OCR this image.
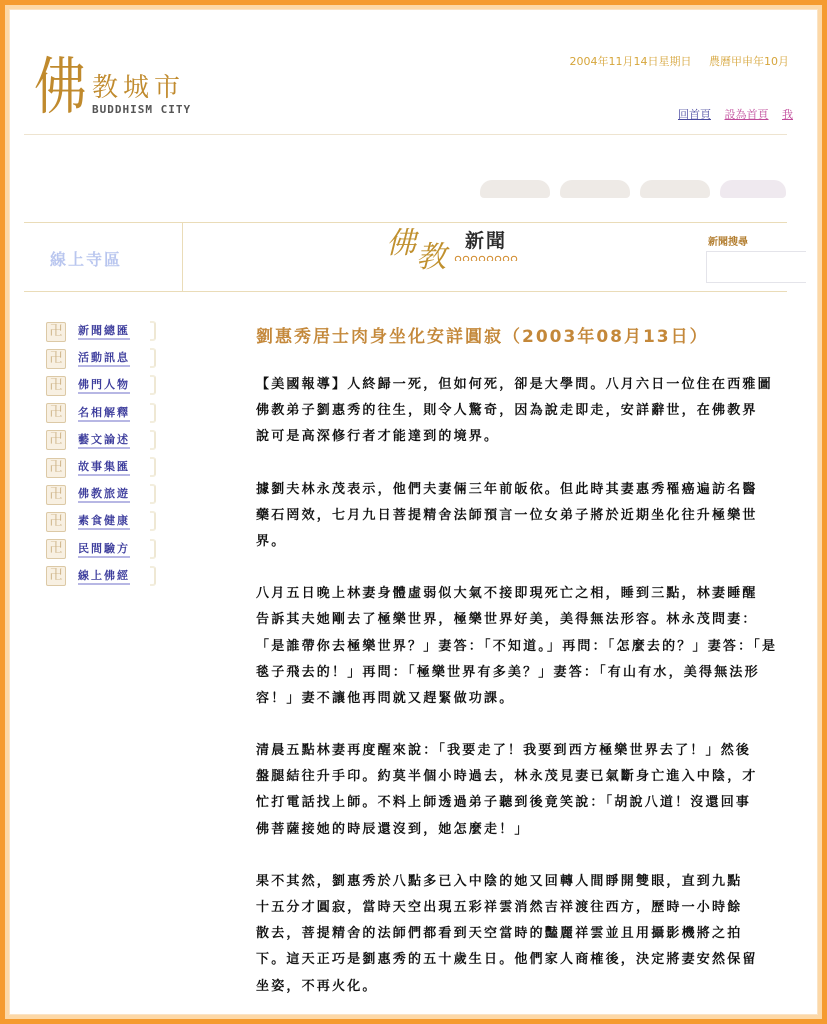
佛 教城市
BUDDHISM CITY
2004年11月14日星期日 農曆甲申年10月
回首頁 設為首頁 我
線上寺區	佛教 新聞	新聞搜尋
卍	新聞總匯
卍	活動訊息
卍	佛門人物
卍	名相解釋
卍	藝文論述
卍	故事集匯
卍	佛教旅遊
卍	素食健康
卍	民間驗方
卍	線上佛經
劉惠秀居士肉身坐化安詳圓寂（2003年08月13日）
【美國報導】人終歸一死，但如何死，卻是大學問。八月六日一位住在西雅圖
佛教弟子劉惠秀的往生，則令人驚奇，因為說走即走，安詳辭世，在佛教界
說可是高深修行者才能達到的境界。
據劉夫林永茂表示，他們夫妻倆三年前皈依。但此時其妻惠秀罹癌遍訪名醫
藥石罔效，七月九日菩提精舍法師預言一位女弟子將於近期坐化往升極樂世
界。
八月五日晚上林妻身體虛弱似大氣不接即現死亡之相，睡到三點，林妻睡醒
告訴其夫她剛去了極樂世界，極樂世界好美，美得無法形容。林永茂問妻：
「是誰帶你去極樂世界？」妻答：「不知道。」再問：「怎麼去的？」妻答：「是
毯子飛去的！」再問：「極樂世界有多美？」妻答：「有山有水，美得無法形
容！」妻不讓他再問就又趕緊做功課。
清晨五點林妻再度醒來說：「我要走了！我要到西方極樂世界去了！」然後
盤腿結往升手印。約莫半個小時過去，林永茂見妻已氣斷身亡進入中陰，才
忙打電話找上師。不料上師透過弟子聽到後竟笑說：「胡說八道！沒還回事
佛菩薩接她的時辰還沒到，她怎麼走！」
果不其然，劉惠秀於八點多已入中陰的她又回轉人間睜開雙眼，直到九點
十五分才圓寂，當時天空出現五彩祥雲消然吉祥渡往西方，歷時一小時餘
散去，菩提精舍的法師們都看到天空當時的豔麗祥雲並且用攝影機將之拍
下。這天正巧是劉惠秀的五十歲生日。他們家人商榷後，決定將妻安然保留
坐姿，不再火化。
